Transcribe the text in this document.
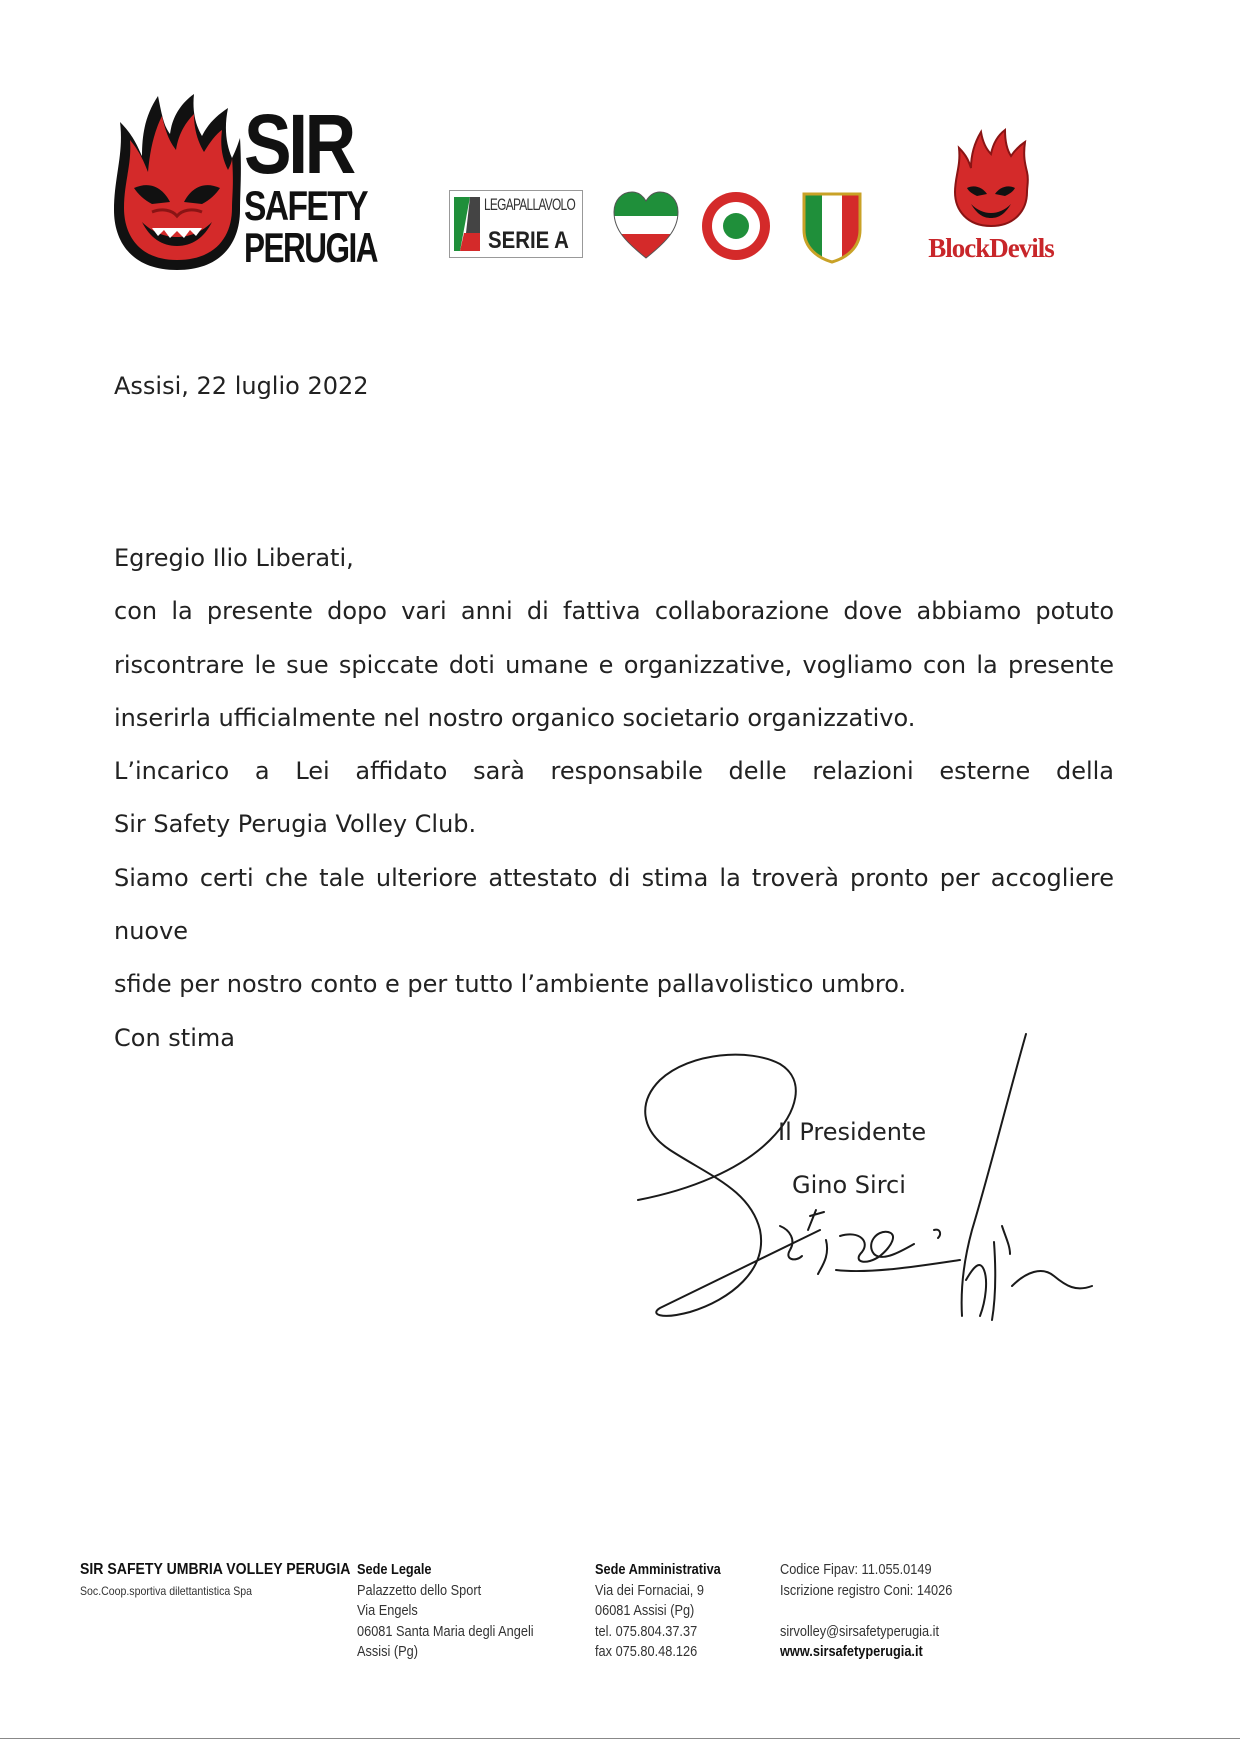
SIR
SAFETY
PERUGIA
LEGAPALLAVOLO
SERIE A	BlockDevils
Assisi, 22 luglio 2022

Egregio Ilio Liberati,

con la presente dopo vari anni di fattiva collaborazione dove abbiamo potuto

riscontrare le sue spiccate doti umane e organizzative, vogliamo con la presente

inserirla ufficialmente nel nostro organico societario organizzativo.

L’incarico a Lei affidato sarà responsabile delle relazioni esterne della

Sir Safety Perugia Volley Club.

Siamo certi che tale ulteriore attestato di stima la troverà pronto per accogliere nuove

sfide per nostro conto e per tutto l’ambiente pallavolistico umbro.

Con stima

Il Presidente
Gino Sirci
SIR SAFETY UMBRIA VOLLEY PERUGIA
Soc.Coop.sportiva dilettantistica Spa
Sede Legale
Palazzetto dello Sport
Via Engels
06081 Santa Maria degli Angeli
Assisi (Pg)
Sede Amministrativa
Via dei Fornaciai, 9
06081 Assisi (Pg)
tel. 075.804.37.37
fax 075.80.48.126
Codice Fipav: 11.055.0149
Iscrizione registro Coni: 14026

sirvolley@sirsafetyperugia.it
www.sirsafetyperugia.it
